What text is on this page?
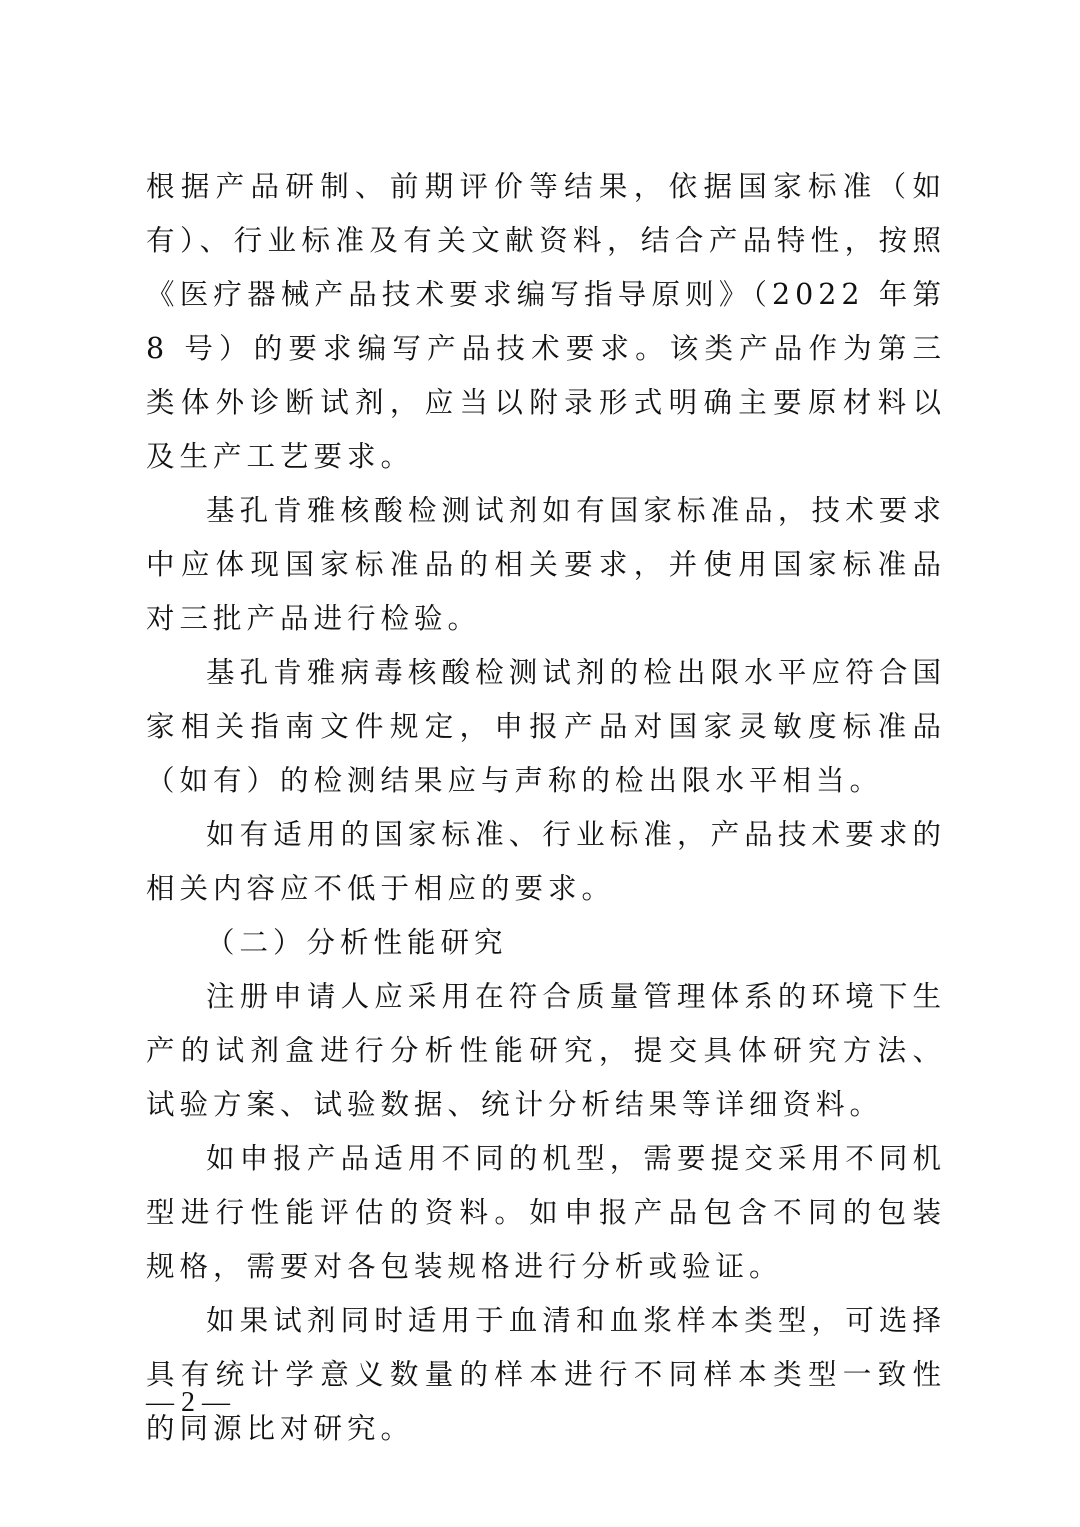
根据产品研制、前期评价等结果，依据国家标准（如有）、行业标准及有关文献资料，结合产品特性，按照《医疗器械产品技术要求编写指导原则》（2022 年第 8 号）的要求编写产品技术要求。该类产品作为第三类体外诊断试剂，应当以附录形式明确主要原材料以及生产工艺要求。

基孔肯雅核酸检测试剂如有国家标准品，技术要求中应体现国家标准品的相关要求，并使用国家标准品对三批产品进行检验。

基孔肯雅病毒核酸检测试剂的检出限水平应符合国家相关指南文件规定，申报产品对国家灵敏度标准品（如有）的检测结果应与声称的检出限水平相当。

如有适用的国家标准、行业标准，产品技术要求的相关内容应不低于相应的要求。

（二）分析性能研究

注册申请人应采用在符合质量管理体系的环境下生产的试剂盒进行分析性能研究，提交具体研究方法、试验方案、试验数据、统计分析结果等详细资料。

如申报产品适用不同的机型，需要提交采用不同机型进行性能评估的资料。如申报产品包含不同的包装规格，需要对各包装规格进行分析或验证。

如果试剂同时适用于血清和血浆样本类型，可选择具有统计学意义数量的样本进行不同样本类型一致性的同源比对研究。

— 2 —
